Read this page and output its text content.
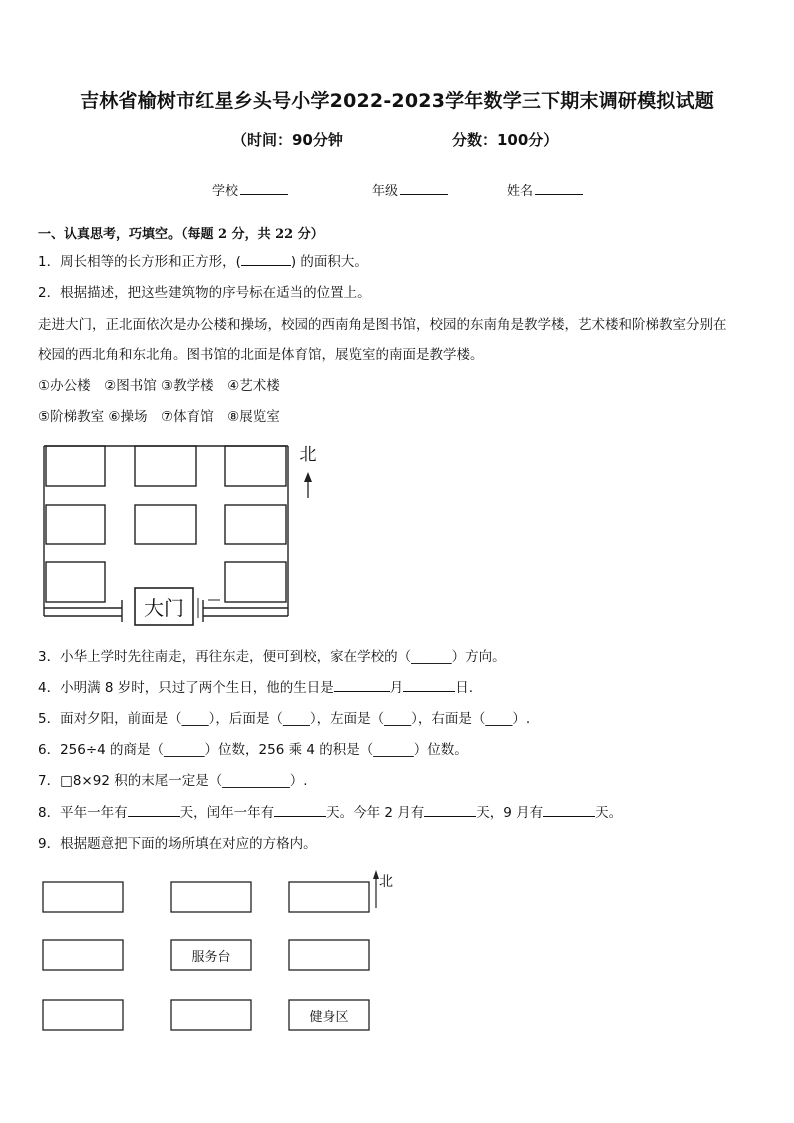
吉林省榆树市红星乡头号小学2022-2023学年数学三下期末调研模拟试题
（时间：90分钟	分数：100分）
学校	年级	姓名
一、认真思考，巧填空。（每题 2 分，共 22 分）
1．周长相等的长方形和正方形，(	) 的面积大。
2．根据描述，把这些建筑物的序号标在适当的位置上。
走进大门，正北面依次是办公楼和操场，校园的西南角是图书馆，校园的东南角是教学楼，艺术楼和阶梯教室分别在
校园的西北角和东北角。图书馆的北面是体育馆，展览室的南面是教学楼。
①办公楼　②图书馆 ③教学楼　④艺术楼
⑤阶梯教室 ⑥操场　⑦体育馆　⑧展览室
大门
北
3．小华上学时先往南走，再往东走，便可到校，家在学校的（______）方向。
4．小明满 8 岁时，只过了两个生日，他的生日是	月	日.
5．面对夕阳，前面是（____），后面是（____），左面是（____），右面是（____）.
6．256÷4 的商是（______）位数，256 乘 4 的积是（______）位数。
7．□8×92 积的末尾一定是（__________）.
8．平年一年有	天，闰年一年有	天。今年 2 月有	天，9 月有	天。
9．根据题意把下面的场所填在对应的方格内。
服务台
健身区
北
